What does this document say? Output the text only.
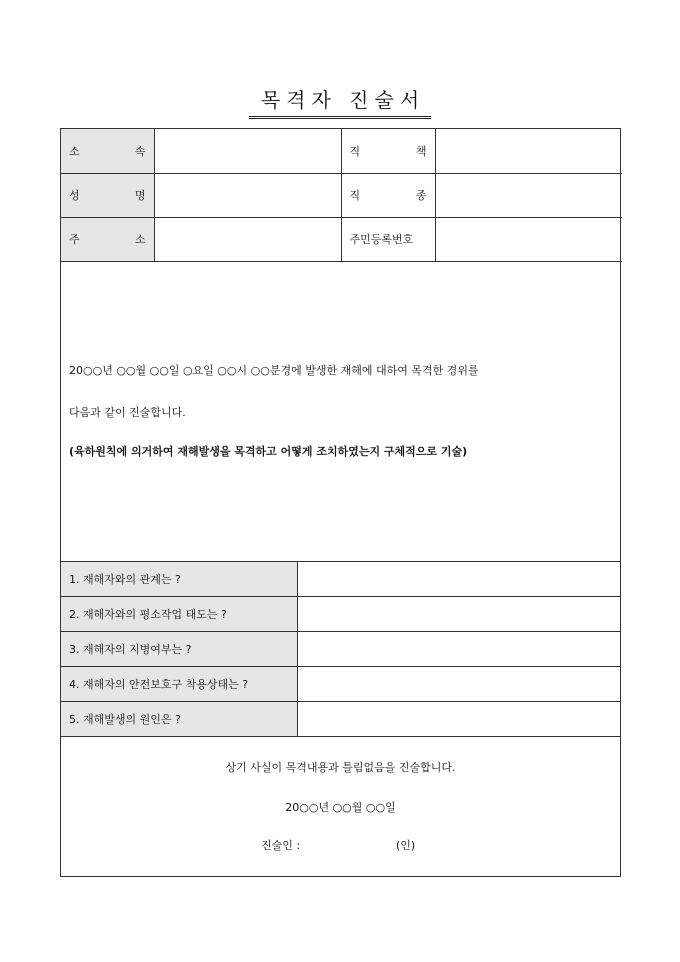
목격자 진술서
소 속		직 책	

성 명		직 종	

주 소		주민등록번호	
20○○년 ○○월 ○○일 ○요일 ○○시 ○○분경에 발생한 재해에 대하여 목격한 경위를
다음과 같이 진술합니다.
(육하원칙에 의거하여 재해발생을 목격하고 어떻게 조치하였는지 구체적으로 기술)
1. 재해자와의 관계는 ?	
2. 재해자와의 평소작업 태도는 ?	
3. 재해자의 지병여부는 ?	
4. 재해자의 안전보호구 착용상태는 ?	
5. 재해발생의 원인은 ?	
상기 사실이 목격내용과 틀림없음을 진술합니다.
20○○년 ○○월 ○○일
진술인 :	(인)
